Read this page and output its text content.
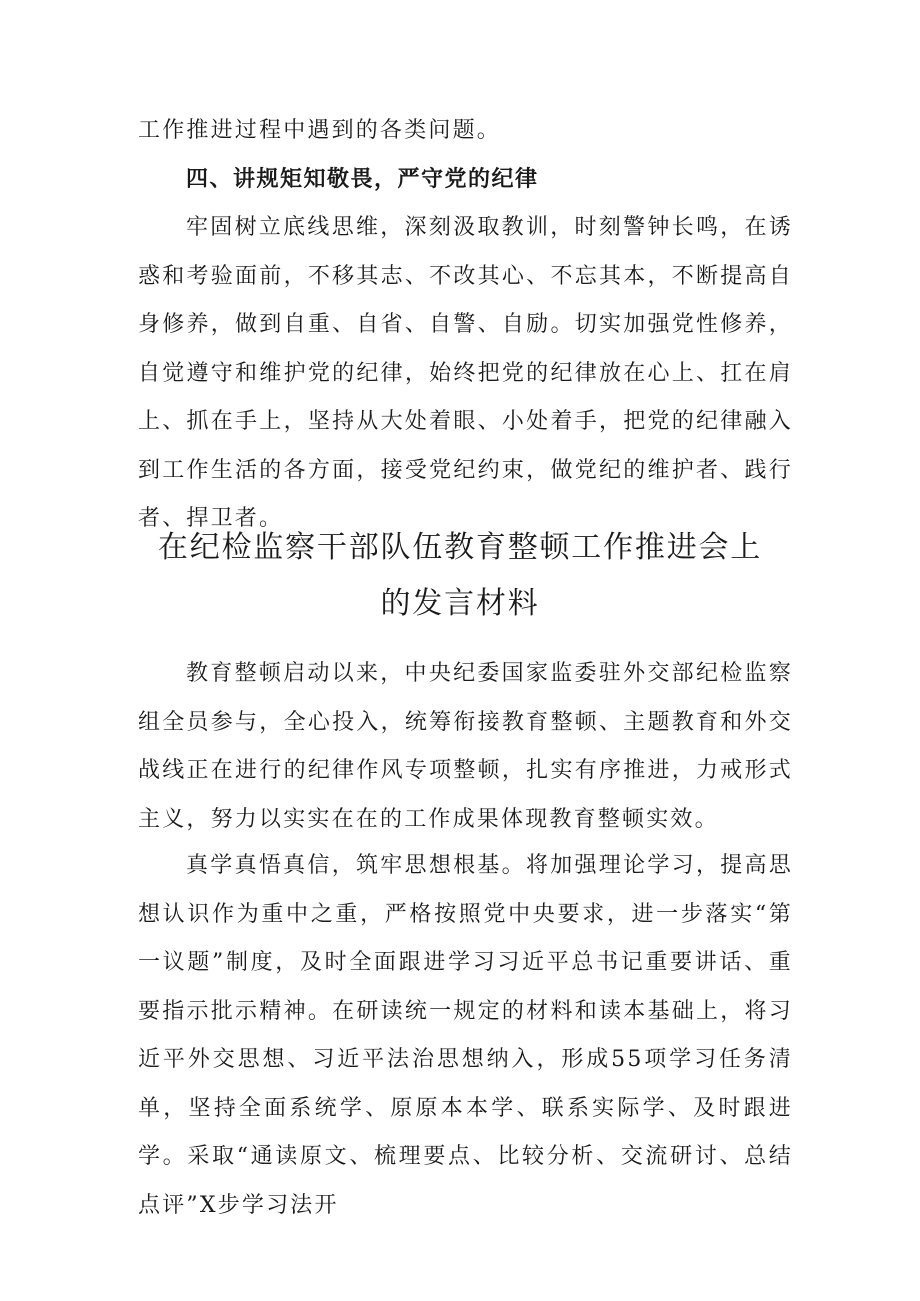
工作推进过程中遇到的各类问题。
四、讲规矩知敬畏，严守党的纪律
牢固树立底线思维，深刻汲取教训，时刻警钟长鸣，在诱惑和考验面前，不移其志、不改其心、不忘其本，不断提高自身修养，做到自重、自省、自警、自励。切实加强党性修养，自觉遵守和维护党的纪律，始终把党的纪律放在心上、扛在肩上、抓在手上，坚持从大处着眼、小处着手，把党的纪律融入到工作生活的各方面，接受党纪约束，做党纪的维护者、践行者、捍卫者。
在纪检监察干部队伍教育整顿工作推进会上
的发言材料
教育整顿启动以来，中央纪委国家监委驻外交部纪检监察组全员参与，全心投入，统筹衔接教育整顿、主题教育和外交战线正在进行的纪律作风专项整顿，扎实有序推进，力戒形式主义，努力以实实在在的工作成果体现教育整顿实效。
真学真悟真信，筑牢思想根基。将加强理论学习，提高思想认识作为重中之重，严格按照党中央要求，进一步落实“第一议题”制度，及时全面跟进学习习近平总书记重要讲话、重要指示批示精神。在研读统一规定的材料和读本基础上，将习近平外交思想、习近平法治思想纳入，形成55项学习任务清单，坚持全面系统学、原原本本学、联系实际学、及时跟进学。采取“通读原文、梳理要点、比较分析、交流研讨、总结点评”X步学习法开
